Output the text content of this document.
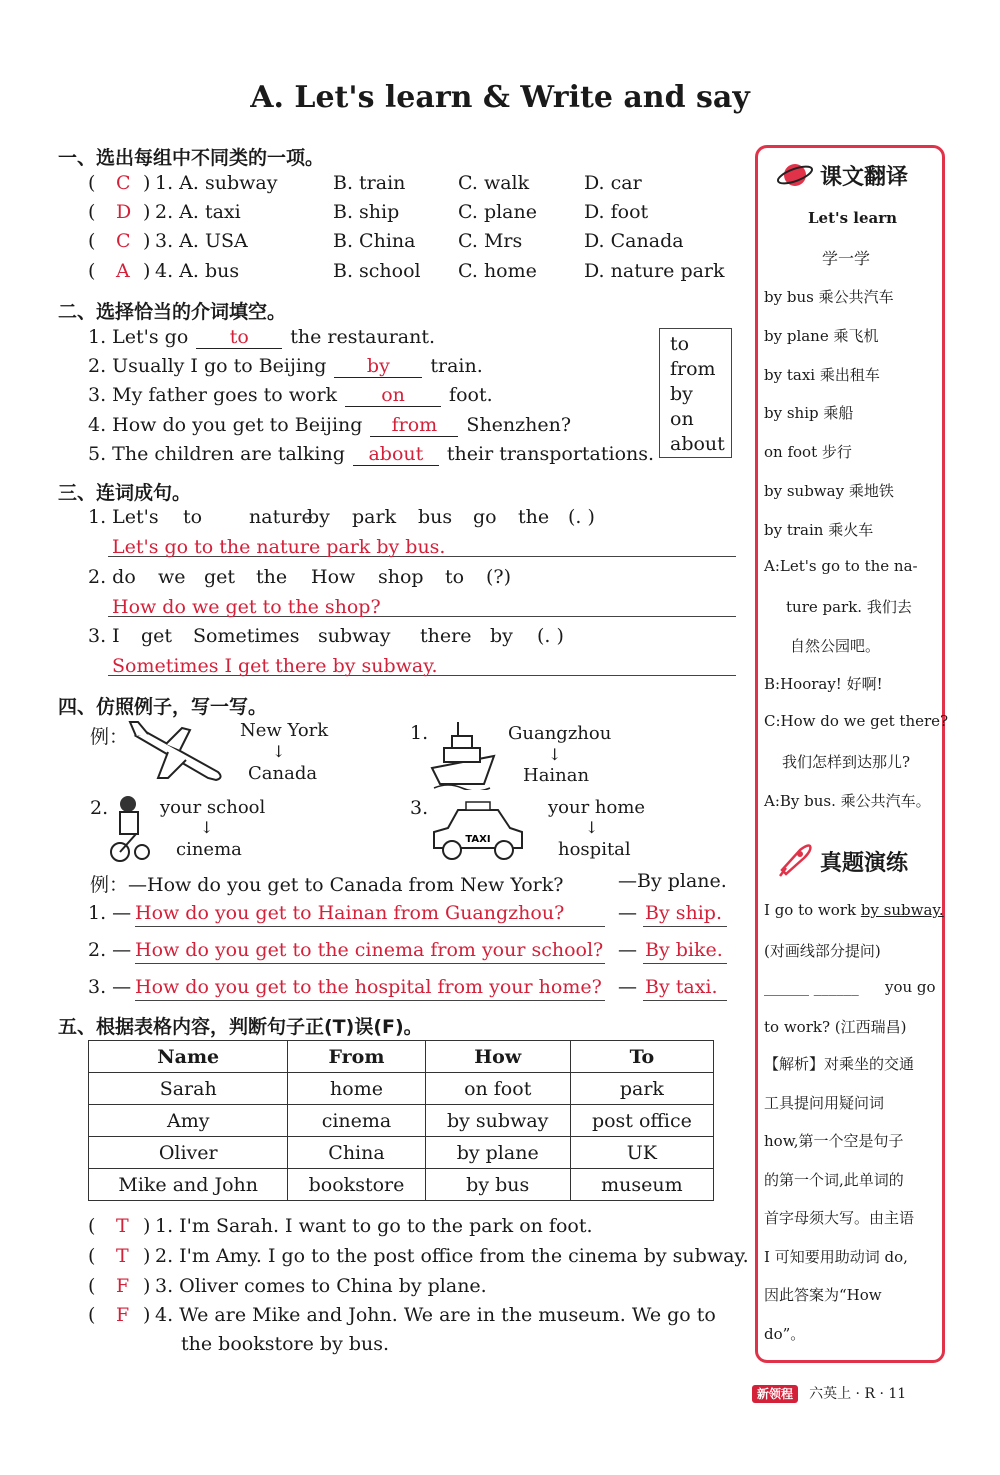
A. Let's learn & Write and say
一、选出每组中不同类的一项。
( C ) 1. A. subway	B. train	C. walk	D. car
( D ) 2. A. taxi	B. ship	C. plane D. foot
( C ) 3. A. USA	B. China C. Mrs	D. Canada
( A ) 4. A. bus	B. school C. home D. nature park
二、选择恰当的介词填空。
1. Let's go to the restaurant.
2. Usually I go to Beijing by train.
3. My father goes to work on foot.
4. How do you get to Beijing from Shenzhen?
5. The children are talking about their transportations.
to
from
by
on
about
三、连词成句。
1. Let's to nature
by park bus go the (. )
Let's go to the nature park by bus.
2. do we get the How shop to (?)
How do we get to the shop?
3. I get Sometimes subway there by (. )
Sometimes I get there by subway.
四、仿照例子，写一写。
例：	New York
↓
Canada
1.	Guangzhou
↓
Hainan
2.	your school
↓
cinema
3.
TAXI
your home
↓
hospital
例：—How do you get to Canada from New York?	—By plane.
1. — How do you get to Hainan from Guangzhou?	— By ship.
2. — How do you get to the cinema from your school? — By bike.
3. — How do you get to the hospital from your home? — By taxi.
五、根据表格内容，判断句子正(T)误(F)。
Name	From	How	To
Sarah	home	on foot	park
Amy	cinema	by subway	post office
Oliver	China	by plane	UK
Mike and John	bookstore	by bus	museum
( T ) 1. I'm Sarah. I want to go to the park on foot.
( T ) 2. I'm Amy. I go to the post office from the cinema by subway.
( F ) 3. Oliver comes to China by plane.
( F ) 4. We are Mike and John. We are in the museum. We go to
the bookstore by bus.
课文翻译
Let's learn
学一学
by bus 乘公共汽车
by plane 乘飞机
by taxi 乘出租车
by ship 乘船
on foot 步行
by subway 乘地铁
by train 乘火车
A:Let's go to the na-
ture park. 我们去
自然公园吧。
B:Hooray! 好啊!
C:How do we get there?
我们怎样到达那儿?
A:By bus. 乘公共汽车。
真题演练
I go to work by subway.
(对画线部分提问)
______ ______ you go
to work? (江西瑞昌)
【解析】对乘坐的交通
工具提问用疑问词
how,第一个空是句子
的第一个词,此单词的
首字母须大写。由主语
I 可知要用助动词 do,
因此答案为“How
do”。
新领程 六英上 · R · 11
